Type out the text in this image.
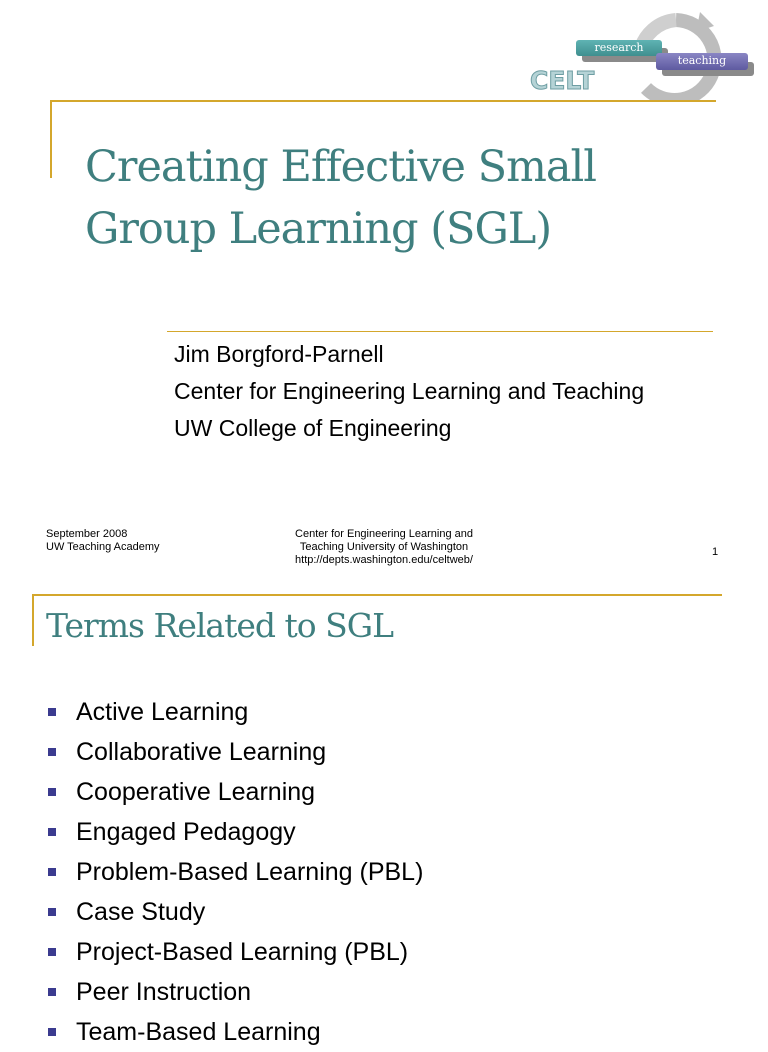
research
teaching
CELT
Creating Effective Small
Group Learning (SGL)
Jim Borgford-Parnell
Center for Engineering Learning and Teaching
UW College of Engineering
September 2008
UW Teaching Academy
Center for Engineering Learning and
Teaching University of Washington
http://depts.washington.edu/celtweb/
1
Terms Related to SGL
Active Learning
Collaborative Learning
Cooperative Learning
Engaged Pedagogy
Problem-Based Learning (PBL)
Case Study
Project-Based Learning (PBL)
Peer Instruction
Team-Based Learning
